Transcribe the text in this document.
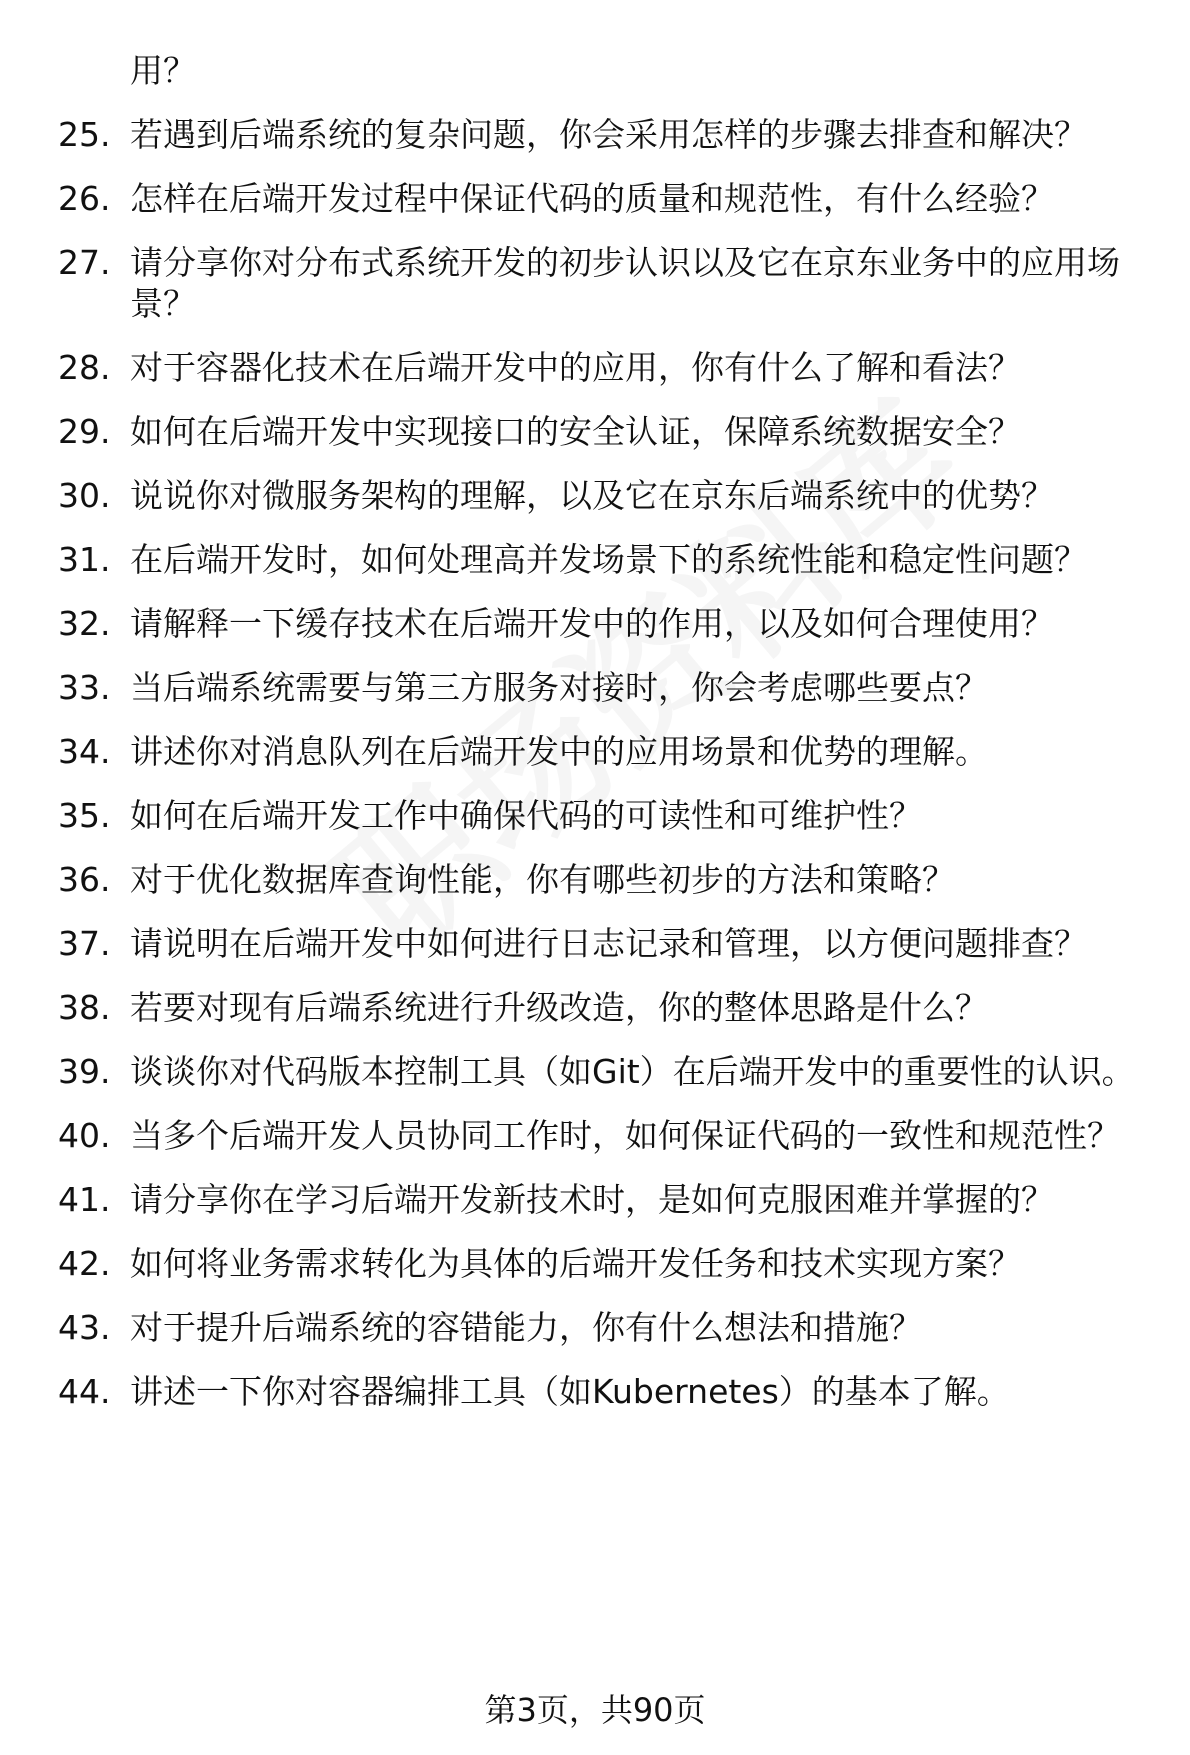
用？

25. 若遇到后端系统的复杂问题，你会采用怎样的步骤去排查和解决？
26. 怎样在后端开发过程中保证代码的质量和规范性，有什么经验？
27. 请分享你对分布式系统开发的初步认识以及它在京东业务中的应用场景？
28. 对于容器化技术在后端开发中的应用，你有什么了解和看法？
29. 如何在后端开发中实现接口的安全认证，保障系统数据安全？
30. 说说你对微服务架构的理解，以及它在京东后端系统中的优势？
31. 在后端开发时，如何处理高并发场景下的系统性能和稳定性问题？
32. 请解释一下缓存技术在后端开发中的作用，以及如何合理使用？
33. 当后端系统需要与第三方服务对接时，你会考虑哪些要点？
34. 讲述你对消息队列在后端开发中的应用场景和优势的理解。
35. 如何在后端开发工作中确保代码的可读性和可维护性？
36. 对于优化数据库查询性能，你有哪些初步的方法和策略？
37. 请说明在后端开发中如何进行日志记录和管理，以方便问题排查？
38. 若要对现有后端系统进行升级改造，你的整体思路是什么？
39. 谈谈你对代码版本控制工具（如Git）在后端开发中的重要性的认识。
40. 当多个后端开发人员协同工作时，如何保证代码的一致性和规范性？
41. 请分享你在学习后端开发新技术时，是如何克服困难并掌握的？
42. 如何将业务需求转化为具体的后端开发任务和技术实现方案？
43. 对于提升后端系统的容错能力，你有什么想法和措施？
44. 讲述一下你对容器编排工具（如Kubernetes）的基本了解。
第3页，共90页
